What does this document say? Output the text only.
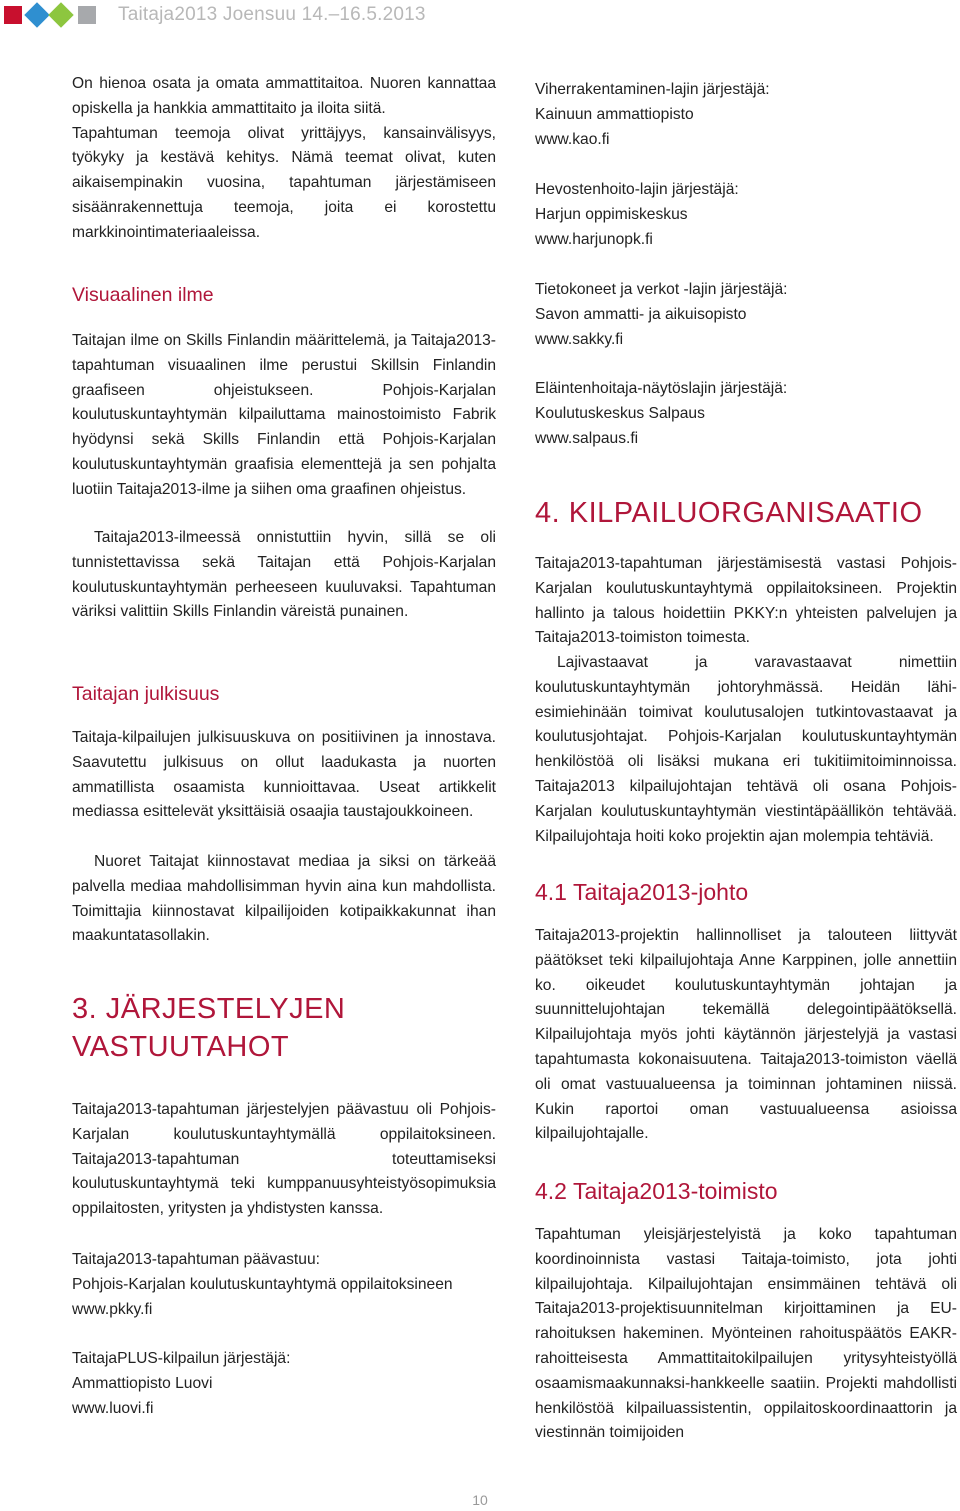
Taitaja2013 Joensuu 14.–16.5.2013

On hienoa osata ja omata ammattitaitoa. Nuoren kannattaa opiskella ja hankkia ammattitaito ja iloita siitä.
Tapahtuman teemoja olivat yrittäjyys, kansainvälisyys, työkyky ja kestävä kehitys. Nämä teemat olivat, kuten aikaisempinakin vuosina, tapahtuman järjestämiseen sisäänrakennettuja teemoja, joita ei korostettu markkinointimateriaaleissa.

Visuaalinen ilme

Taitajan ilme on Skills Finlandin määrittelemä, ja Taitaja2013-tapahtuman visuaalinen ilme perustui Skillsin Finlandin graafiseen ohjeistukseen. Pohjois-Karjalan koulutuskuntayhtymän kilpailuttama mainostoimisto Fabrik hyödynsi sekä Skills Finlandin että Pohjois-Karjalan koulutuskuntayhtymän graafisia elementtejä ja sen pohjalta luotiin Taitaja2013-ilme ja siihen oma graafinen ohjeistus.

Taitaja2013-ilmeessä onnistuttiin hyvin, sillä se oli tunnistettavissa sekä Taitajan että Pohjois-Karjalan koulutuskuntayhtymän perheeseen kuuluvaksi. Tapahtuman väriksi valittiin Skills Finlandin väreistä punainen.

Taitajan julkisuus

Taitaja-kilpailujen julkisuuskuva on positiivinen ja innostava. Saavutettu julkisuus on ollut laadukasta ja nuorten ammatillista osaamista kunnioittavaa. Useat artikkelit mediassa esittelevät yksittäisiä osaajia taustajoukkoineen.

Nuoret Taitajat kiinnostavat mediaa ja siksi on tärkeää palvella mediaa mahdollisimman hyvin aina kun mahdollista. Toimittajia kiinnostavat kilpailijoiden kotipaikkakunnat ihan maakuntatasollakin.

3. JÄRJESTELYJEN
VASTUUTAHOT

Taitaja2013-tapahtuman järjestelyjen päävastuu oli Pohjois-Karjalan koulutuskuntayhtymällä oppilaitoksineen. Taitaja2013-tapahtuman toteuttamiseksi koulutuskuntayhtymä teki kumppanuusyhteistyösopimuksia oppilaitosten, yritysten ja yhdistysten kanssa.

Taitaja2013-tapahtuman päävastuu:
Pohjois-Karjalan koulutuskuntayhtymä oppilaitoksineen
www.pkky.fi

TaitajaPLUS-kilpailun järjestäjä:
Ammattiopisto Luovi
www.luovi.fi

Viherrakentaminen-lajin järjestäjä:
Kainuun ammattiopisto
www.kao.fi

Hevostenhoito-lajin järjestäjä:
Harjun oppimiskeskus
www.harjunopk.fi

Tietokoneet ja verkot -lajin järjestäjä:
Savon ammatti- ja aikuisopisto
www.sakky.fi

Eläintenhoitaja-näytöslajin järjestäjä:
Koulutuskeskus Salpaus
www.salpaus.fi

4. KILPAILUORGANISAATIO

Taitaja2013-tapahtuman järjestämisestä vastasi Pohjois-Karjalan koulutuskuntayhtymä oppilaitoksineen. Projektin hallinto ja talous hoidettiin PKKY:n yhteisten palvelujen ja Taitaja2013-toimiston toimesta.

Lajivastaavat ja varavastaavat nimettiin koulutuskuntayhtymän johtoryhmässä. Heidän lähi-esimiehinään toimivat koulutusalojen tutkintovastaavat ja koulutusjohtajat. Pohjois-Karjalan koulutuskuntayhtymän henkilöstöä oli lisäksi mukana eri tukitiimitoiminnoissa. Taitaja2013 kilpailujohtajan tehtävä oli osana Pohjois-Karjalan koulutuskuntayhtymän viestintäpäällikön tehtävää. Kilpailujohtaja hoiti koko projektin ajan molempia tehtäviä.

4.1 Taitaja2013-johto

Taitaja2013-projektin hallinnolliset ja talouteen liittyvät päätökset teki kilpailujohtaja Anne Karppinen, jolle annettiin ko. oikeudet koulutuskuntayhtymän johtajan ja suunnittelujohtajan tekemällä delegointipäätöksellä. Kilpailujohtaja myös johti käytännön järjestelyjä ja vastasi tapahtumasta kokonaisuutena. Taitaja2013-toimiston väellä oli omat vastuualueensa ja toiminnan johtaminen niissä. Kukin raportoi oman vastuualueensa asioissa kilpailujohtajalle.

4.2 Taitaja2013-toimisto

Tapahtuman yleisjärjestelyistä ja koko tapahtuman koordinoinnista vastasi Taitaja-toimisto, jota johti kilpailujohtaja. Kilpailujohtajan ensimmäinen tehtävä oli Taitaja2013-projektisuunnitelman kirjoittaminen ja EU-rahoituksen hakeminen. Myönteinen rahoituspäätös EAKR-rahoitteisesta Ammattitaitokilpailujen yritysyhteistyöllä osaamismaakunnaksi-hankkeelle saatiin. Projekti mahdollisti henkilöstöä kilpailuassistentin, oppilaitoskoordinaattorin ja viestinnän toimijoiden

10
